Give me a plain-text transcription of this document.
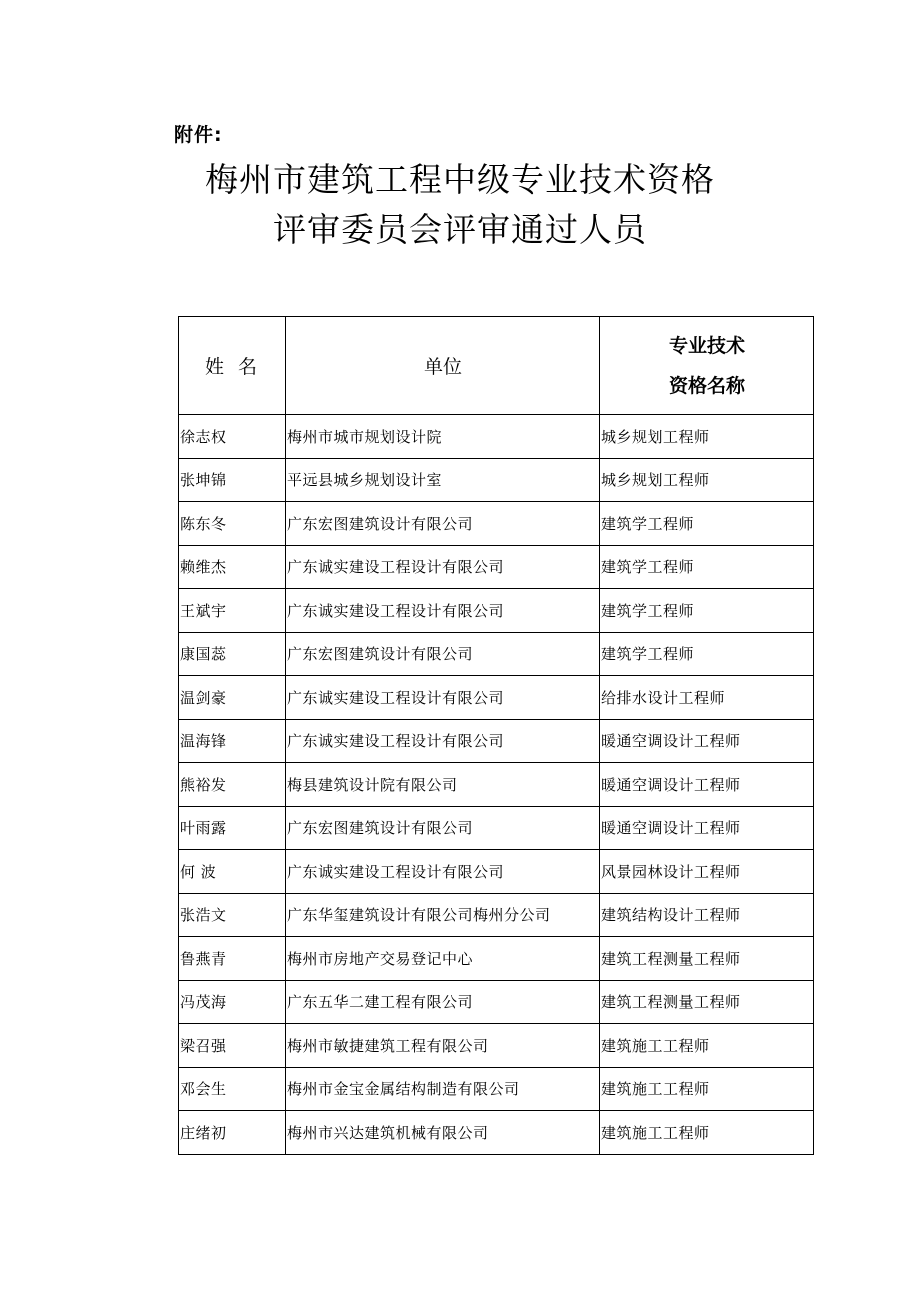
附件:
梅州市建筑工程中级专业技术资格
评审委员会评审通过人员
姓名	单位	专业技术
资格名称

徐志权	梅州市城市规划设计院	城乡规划工程师
张坤锦	平远县城乡规划设计室	城乡规划工程师
陈东冬	广东宏图建筑设计有限公司	建筑学工程师
赖维杰	广东诚实建设工程设计有限公司	建筑学工程师
王斌宇	广东诚实建设工程设计有限公司	建筑学工程师
康国蕊	广东宏图建筑设计有限公司	建筑学工程师
温剑豪	广东诚实建设工程设计有限公司	给排水设计工程师
温海锋	广东诚实建设工程设计有限公司	暖通空调设计工程师
熊裕发	梅县建筑设计院有限公司	暖通空调设计工程师
叶雨露	广东宏图建筑设计有限公司	暖通空调设计工程师
何 波	广东诚实建设工程设计有限公司	风景园林设计工程师
张浩文	广东华玺建筑设计有限公司梅州分公司	建筑结构设计工程师
鲁燕青	梅州市房地产交易登记中心	建筑工程测量工程师
冯茂海	广东五华二建工程有限公司	建筑工程测量工程师
梁召强	梅州市敏捷建筑工程有限公司	建筑施工工程师
邓会生	梅州市金宝金属结构制造有限公司	建筑施工工程师
庄绪初	梅州市兴达建筑机械有限公司	建筑施工工程师
